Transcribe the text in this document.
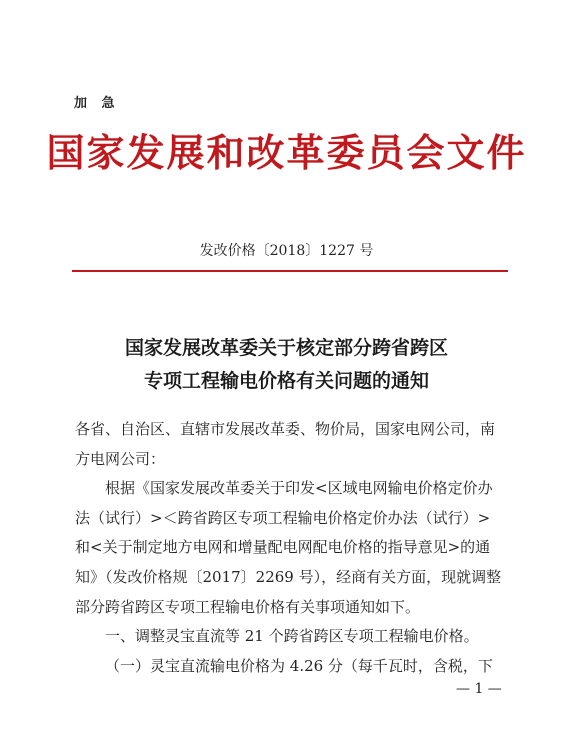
加 急
国家发展和改革委员会文件
发改价格〔2018〕1227 号
国家发展改革委关于核定部分跨省跨区
专项工程输电价格有关问题的通知

各省、自治区、直辖市发展改革委、物价局，国家电网公司，南方电网公司：

根据《国家发展改革委关于印发<区域电网输电价格定价办法（试行）>＜跨省跨区专项工程输电价格定价办法（试行）>和<关于制定地方电网和增量配电网配电价格的指导意见>的通知》（发改价格规〔2017〕2269 号），经商有关方面，现就调整部分跨省跨区专项工程输电价格有关事项通知如下。

一、调整灵宝直流等 21 个跨省跨区专项工程输电价格。

（一）灵宝直流输电价格为 4.26 分（每千瓦时，含税，下

— 1 —
